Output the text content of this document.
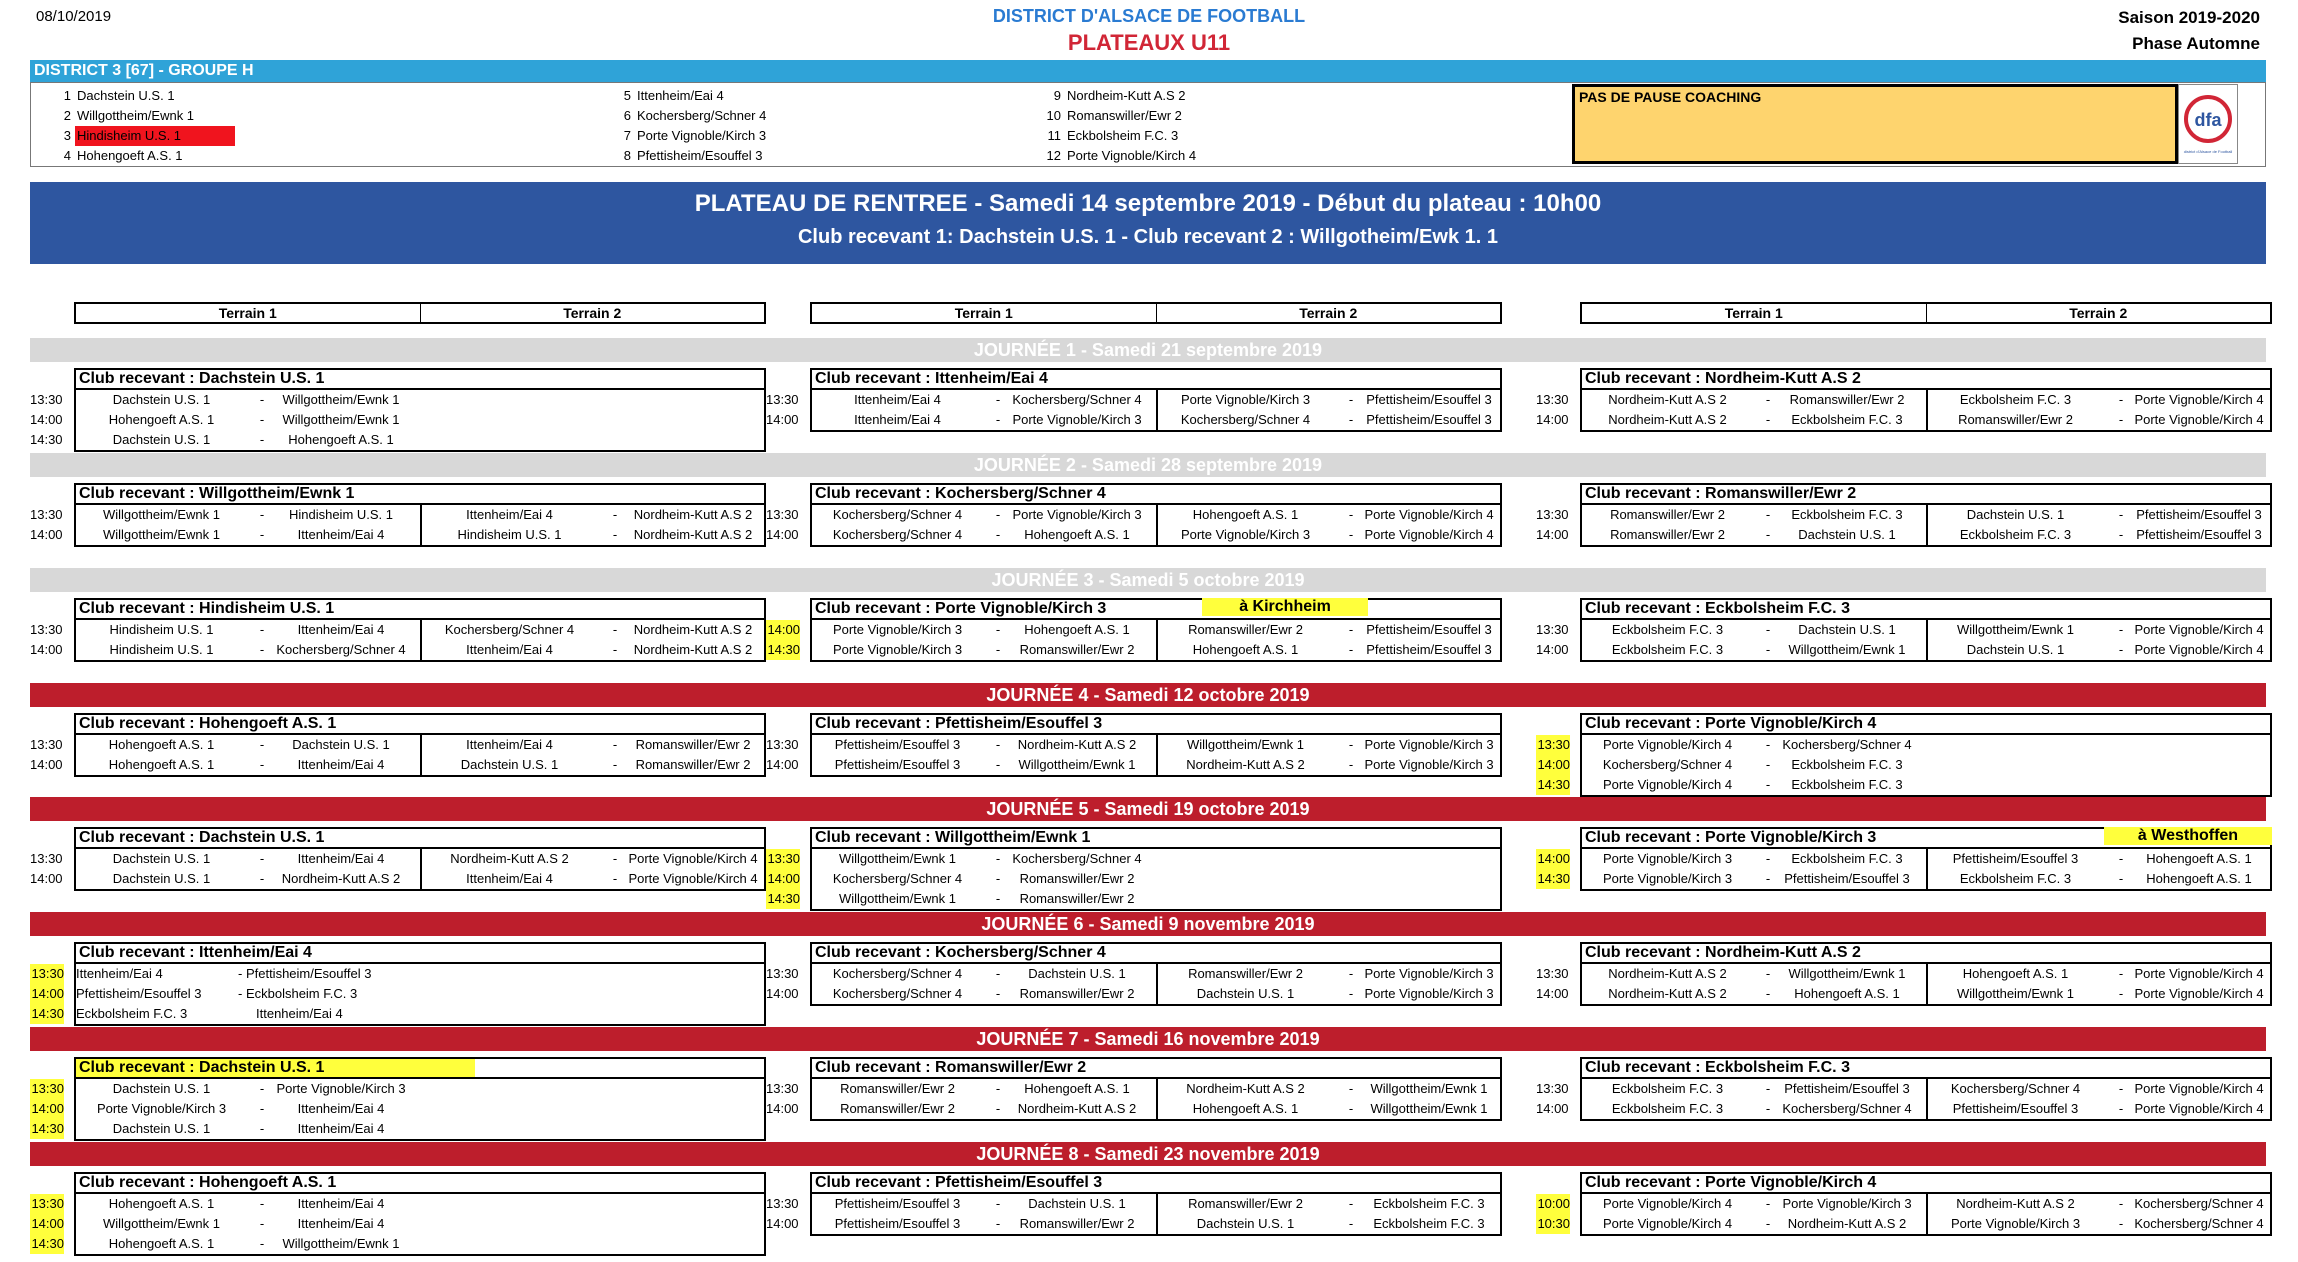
08/10/2019	DISTRICT D'ALSACE DE FOOTBALL
PLATEAUX U11
Saison 2019-2020
Phase Automne
DISTRICT 3 [67] - GROUPE H
1 Dachstein U.S. 1
2 Willgottheim/Ewnk 1
3 Hindisheim U.S. 1
4 Hohengoeft A.S. 1
5 Ittenheim/Eai 4
6 Kochersberg/Schner 4
7 Porte Vignoble/Kirch 3
8 Pfettisheim/Esouffel 3
9 Nordheim-Kutt A.S 2
10 Romanswiller/Ewr 2
11 Eckbolsheim F.C. 3
12 Porte Vignoble/Kirch 4
PAS DE PAUSE COACHING
dfa
district d'Alsace de Football
PLATEAU DE RENTREE - Samedi 14 septembre 2019 - Début du plateau : 10h00
Club recevant 1: Dachstein U.S. 1 - Club recevant 2 : Willgotheim/Ewk 1. 1
Terrain 1	Terrain 2	Terrain 1	Terrain 2	Terrain 1	Terrain 2
JOURNÉE 1 - Samedi 21 septembre 2019
Club recevant : Dachstein U.S. 1
13:30	Dachstein U.S. 1	-	Willgottheim/Ewnk 1
14:00	Hohengoeft A.S. 1	-	Willgottheim/Ewnk 1
14:30	Dachstein U.S. 1	-	Hohengoeft A.S. 1
Club recevant : Ittenheim/Eai 4
13:30	Ittenheim/Eai 4	- Kochersberg/Schner 4	Porte Vignoble/Kirch 3	-	Pfettisheim/Esouffel 3
14:00	Ittenheim/Eai 4	- Porte Vignoble/Kirch 3	Kochersberg/Schner 4	-	Pfettisheim/Esouffel 3
Club recevant : Nordheim-Kutt A.S 2
13:30	Nordheim-Kutt A.S 2	-	Romanswiller/Ewr 2	Eckbolsheim F.C. 3	- Porte Vignoble/Kirch 4
14:00	Nordheim-Kutt A.S 2	-	Eckbolsheim F.C. 3	Romanswiller/Ewr 2	- Porte Vignoble/Kirch 4
JOURNÉE 2 - Samedi 28 septembre 2019
Club recevant : Willgottheim/Ewnk 1
13:30	Willgottheim/Ewnk 1	-	Hindisheim U.S. 1	Ittenheim/Eai 4	-	Nordheim-Kutt A.S 2
14:00	Willgottheim/Ewnk 1	-	Ittenheim/Eai 4	Hindisheim U.S. 1	-	Nordheim-Kutt A.S 2
Club recevant : Kochersberg/Schner 4
13:30	Kochersberg/Schner 4	- Porte Vignoble/Kirch 3	Hohengoeft A.S. 1	- Porte Vignoble/Kirch 4
14:00	Kochersberg/Schner 4	-	Hohengoeft A.S. 1	Porte Vignoble/Kirch 3	- Porte Vignoble/Kirch 4
Club recevant : Romanswiller/Ewr 2
13:30	Romanswiller/Ewr 2	-	Eckbolsheim F.C. 3	Dachstein U.S. 1	-	Pfettisheim/Esouffel 3
14:00	Romanswiller/Ewr 2	-	Dachstein U.S. 1	Eckbolsheim F.C. 3	-	Pfettisheim/Esouffel 3
JOURNÉE 3 - Samedi 5 octobre 2019
Club recevant : Hindisheim U.S. 1
13:30	Hindisheim U.S. 1	-	Ittenheim/Eai 4	Kochersberg/Schner 4	-	Nordheim-Kutt A.S 2
14:00	Hindisheim U.S. 1	- Kochersberg/Schner 4	Ittenheim/Eai 4	-	Nordheim-Kutt A.S 2
Club recevant : Porte Vignoble/Kirch 3	à Kirchheim
14:00	Porte Vignoble/Kirch 3	-	Hohengoeft A.S. 1	Romanswiller/Ewr 2	-	Pfettisheim/Esouffel 3
14:30	Porte Vignoble/Kirch 3	-	Romanswiller/Ewr 2	Hohengoeft A.S. 1	-	Pfettisheim/Esouffel 3
Club recevant : Eckbolsheim F.C. 3
13:30	Eckbolsheim F.C. 3	-	Dachstein U.S. 1	Willgottheim/Ewnk 1	- Porte Vignoble/Kirch 4
14:00	Eckbolsheim F.C. 3	-	Willgottheim/Ewnk 1	Dachstein U.S. 1	- Porte Vignoble/Kirch 4
JOURNÉE 4 - Samedi 12 octobre 2019
Club recevant : Hohengoeft A.S. 1
13:30	Hohengoeft A.S. 1	-	Dachstein U.S. 1	Ittenheim/Eai 4	-	Romanswiller/Ewr 2
14:00	Hohengoeft A.S. 1	-	Ittenheim/Eai 4	Dachstein U.S. 1	-	Romanswiller/Ewr 2
Club recevant : Pfettisheim/Esouffel 3
13:30	Pfettisheim/Esouffel 3	-	Nordheim-Kutt A.S 2	Willgottheim/Ewnk 1	- Porte Vignoble/Kirch 3
14:00	Pfettisheim/Esouffel 3	-	Willgottheim/Ewnk 1	Nordheim-Kutt A.S 2	- Porte Vignoble/Kirch 3
Club recevant : Porte Vignoble/Kirch 4
13:30	Porte Vignoble/Kirch 4	- Kochersberg/Schner 4
14:00	Kochersberg/Schner 4	-	Eckbolsheim F.C. 3
14:30	Porte Vignoble/Kirch 4	-	Eckbolsheim F.C. 3
JOURNÉE 5 - Samedi 19 octobre 2019
Club recevant : Dachstein U.S. 1
13:30	Dachstein U.S. 1	-	Ittenheim/Eai 4	Nordheim-Kutt A.S 2	- Porte Vignoble/Kirch 4
14:00	Dachstein U.S. 1	-	Nordheim-Kutt A.S 2	Ittenheim/Eai 4	- Porte Vignoble/Kirch 4
Club recevant : Willgottheim/Ewnk 1
13:30	Willgottheim/Ewnk 1	- Kochersberg/Schner 4
14:00	Kochersberg/Schner 4	-	Romanswiller/Ewr 2
14:30	Willgottheim/Ewnk 1	-	Romanswiller/Ewr 2
Club recevant : Porte Vignoble/Kirch 3	à Westhoffen
14:00	Porte Vignoble/Kirch 3	-	Eckbolsheim F.C. 3	Pfettisheim/Esouffel 3	-	Hohengoeft A.S. 1
14:30	Porte Vignoble/Kirch 3	-	Pfettisheim/Esouffel 3	Eckbolsheim F.C. 3	-	Hohengoeft A.S. 1
JOURNÉE 6 - Samedi 9 novembre 2019
Club recevant : Ittenheim/Eai 4
13:30 Ittenheim/Eai 4	- Pfettisheim/Esouffel 3
14:00 Pfettisheim/Esouffel 3	- Eckbolsheim F.C. 3
14:30 Eckbolsheim F.C. 3	Ittenheim/Eai 4
Club recevant : Kochersberg/Schner 4
13:30	Kochersberg/Schner 4	-	Dachstein U.S. 1	Romanswiller/Ewr 2	- Porte Vignoble/Kirch 3
14:00	Kochersberg/Schner 4	-	Romanswiller/Ewr 2	Dachstein U.S. 1	- Porte Vignoble/Kirch 3
Club recevant : Nordheim-Kutt A.S 2
13:30	Nordheim-Kutt A.S 2	-	Willgottheim/Ewnk 1	Hohengoeft A.S. 1	- Porte Vignoble/Kirch 4
14:00	Nordheim-Kutt A.S 2	-	Hohengoeft A.S. 1	Willgottheim/Ewnk 1	- Porte Vignoble/Kirch 4
JOURNÉE 7 - Samedi 16 novembre 2019
Club recevant : Dachstein U.S. 1
13:30	Dachstein U.S. 1	- Porte Vignoble/Kirch 3
14:00	Porte Vignoble/Kirch 3	-	Ittenheim/Eai 4
14:30	Dachstein U.S. 1	-	Ittenheim/Eai 4
Club recevant : Romanswiller/Ewr 2
13:30	Romanswiller/Ewr 2	-	Hohengoeft A.S. 1	Nordheim-Kutt A.S 2	-	Willgottheim/Ewnk 1
14:00	Romanswiller/Ewr 2	-	Nordheim-Kutt A.S 2	Hohengoeft A.S. 1	-	Willgottheim/Ewnk 1
Club recevant : Eckbolsheim F.C. 3
13:30	Eckbolsheim F.C. 3	-	Pfettisheim/Esouffel 3	Kochersberg/Schner 4	- Porte Vignoble/Kirch 4
14:00	Eckbolsheim F.C. 3	- Kochersberg/Schner 4	Pfettisheim/Esouffel 3	- Porte Vignoble/Kirch 4
JOURNÉE 8 - Samedi 23 novembre 2019
Club recevant : Hohengoeft A.S. 1
13:30	Hohengoeft A.S. 1	-	Ittenheim/Eai 4
14:00	Willgottheim/Ewnk 1	-	Ittenheim/Eai 4
14:30	Hohengoeft A.S. 1	-	Willgottheim/Ewnk 1
Club recevant : Pfettisheim/Esouffel 3
13:30	Pfettisheim/Esouffel 3	-	Dachstein U.S. 1	Romanswiller/Ewr 2	-	Eckbolsheim F.C. 3
14:00	Pfettisheim/Esouffel 3	-	Romanswiller/Ewr 2	Dachstein U.S. 1	-	Eckbolsheim F.C. 3
Club recevant : Porte Vignoble/Kirch 4
10:00	Porte Vignoble/Kirch 4	- Porte Vignoble/Kirch 3	Nordheim-Kutt A.S 2	- Kochersberg/Schner 4
10:30	Porte Vignoble/Kirch 4	-	Nordheim-Kutt A.S 2	Porte Vignoble/Kirch 3	- Kochersberg/Schner 4
